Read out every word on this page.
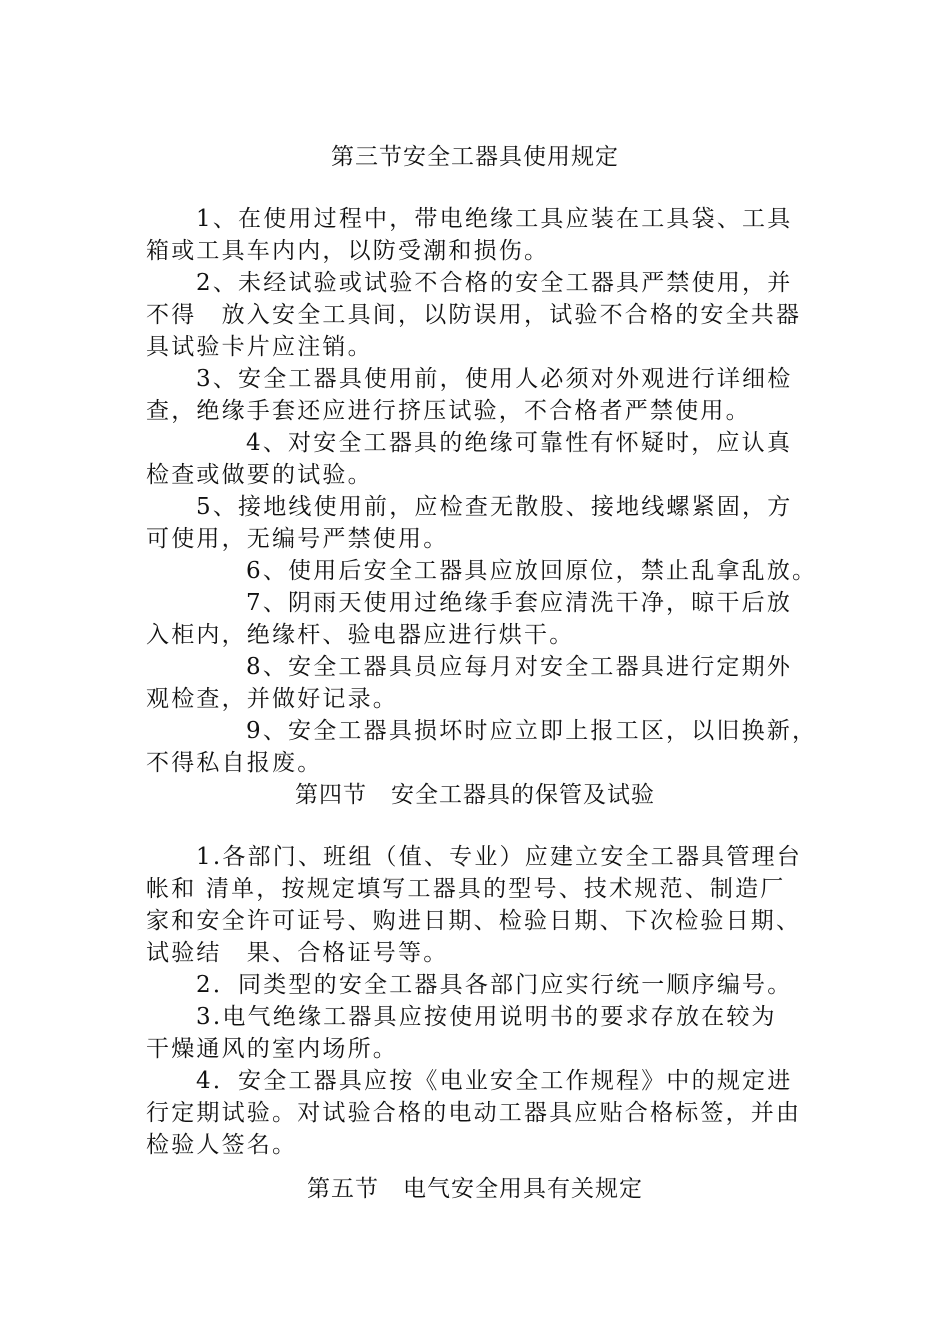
第三节安全工器具使用规定
1、在使用过程中，带电绝缘工具应装在工具袋、工具
箱或工具车内内，以防受潮和损伤。
2、未经试验或试验不合格的安全工器具严禁使用，并
不得　放入安全工具间，以防误用，试验不合格的安全共器
具试验卡片应注销。
3、安全工器具使用前，使用人必须对外观进行详细检
查，绝缘手套还应进行挤压试验，不合格者严禁使用。
4、对安全工器具的绝缘可靠性有怀疑时，应认真
检查或做要的试验。
5、接地线使用前，应检查无散股、接地线螺紧固，方
可使用，无编号严禁使用。
6、使用后安全工器具应放回原位，禁止乱拿乱放。
7、阴雨天使用过绝缘手套应清洗干净，晾干后放
入柜内，绝缘杆、验电器应进行烘干。
8、安全工器具员应每月对安全工器具进行定期外
观检查，并做好记录。
9、安全工器具损坏时应立即上报工区，以旧换新，
不得私自报废。
第四节　安全工器具的保管及试验
1.各部门、班组（值、专业）应建立安全工器具管理台
帐和 清单，按规定填写工器具的型号、技术规范、制造厂
家和安全许可证号、购进日期、检验日期、下次检验日期、
试验结　果、合格证号等。
2．同类型的安全工器具各部门应实行统一顺序编号。
3.电气绝缘工器具应按使用说明书的要求存放在较为
干燥通风的室内场所。
4．安全工器具应按《电业安全工作规程》中的规定进
行定期试验。对试验合格的电动工器具应贴合格标签，并由
检验人签名。
第五节　电气安全用具有关规定
